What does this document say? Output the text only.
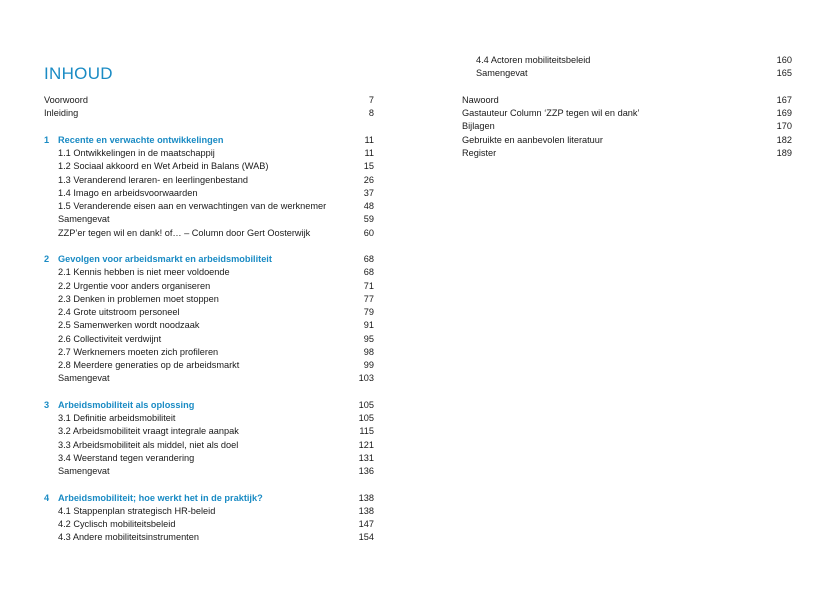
INHOUD
Voorwoord	7
Inleiding	8
1 Recente en verwachte ontwikkelingen	11
1.1 Ontwikkelingen in de maatschappij	11
1.2 Sociaal akkoord en Wet Arbeid in Balans (WAB)	15
1.3 Veranderend leraren- en leerlingenbestand	26
1.4 Imago en arbeidsvoorwaarden	37
1.5 Veranderende eisen aan en verwachtingen van de werknemer	48
Samengevat	59
ZZP’er tegen wil en dank! of… – Column door Gert Oosterwijk	60
2 Gevolgen voor arbeidsmarkt en arbeidsmobiliteit	68
2.1 Kennis hebben is niet meer voldoende	68
2.2 Urgentie voor anders organiseren	71
2.3 Denken in problemen moet stoppen	77
2.4 Grote uitstroom personeel	79
2.5 Samenwerken wordt noodzaak	91
2.6 Collectiviteit verdwijnt	95
2.7 Werknemers moeten zich profileren	98
2.8 Meerdere generaties op de arbeidsmarkt	99
Samengevat	103
3 Arbeidsmobiliteit als oplossing	105
3.1 Definitie arbeidsmobiliteit	105
3.2 Arbeidsmobiliteit vraagt integrale aanpak	115
3.3 Arbeidsmobiliteit als middel, niet als doel	121
3.4 Weerstand tegen verandering	131
Samengevat	136
4 Arbeidsmobiliteit; hoe werkt het in de praktijk?	138
4.1 Stappenplan strategisch HR-beleid	138
4.2 Cyclisch mobiliteitsbeleid	147
4.3 Andere mobiliteitsinstrumenten	154
4.4 Actoren mobiliteitsbeleid	160
Samengevat	165
Nawoord	167
Gastauteur Column ‘ZZP tegen wil en dank’	169
Bijlagen	170
Gebruikte en aanbevolen literatuur	182
Register	189
